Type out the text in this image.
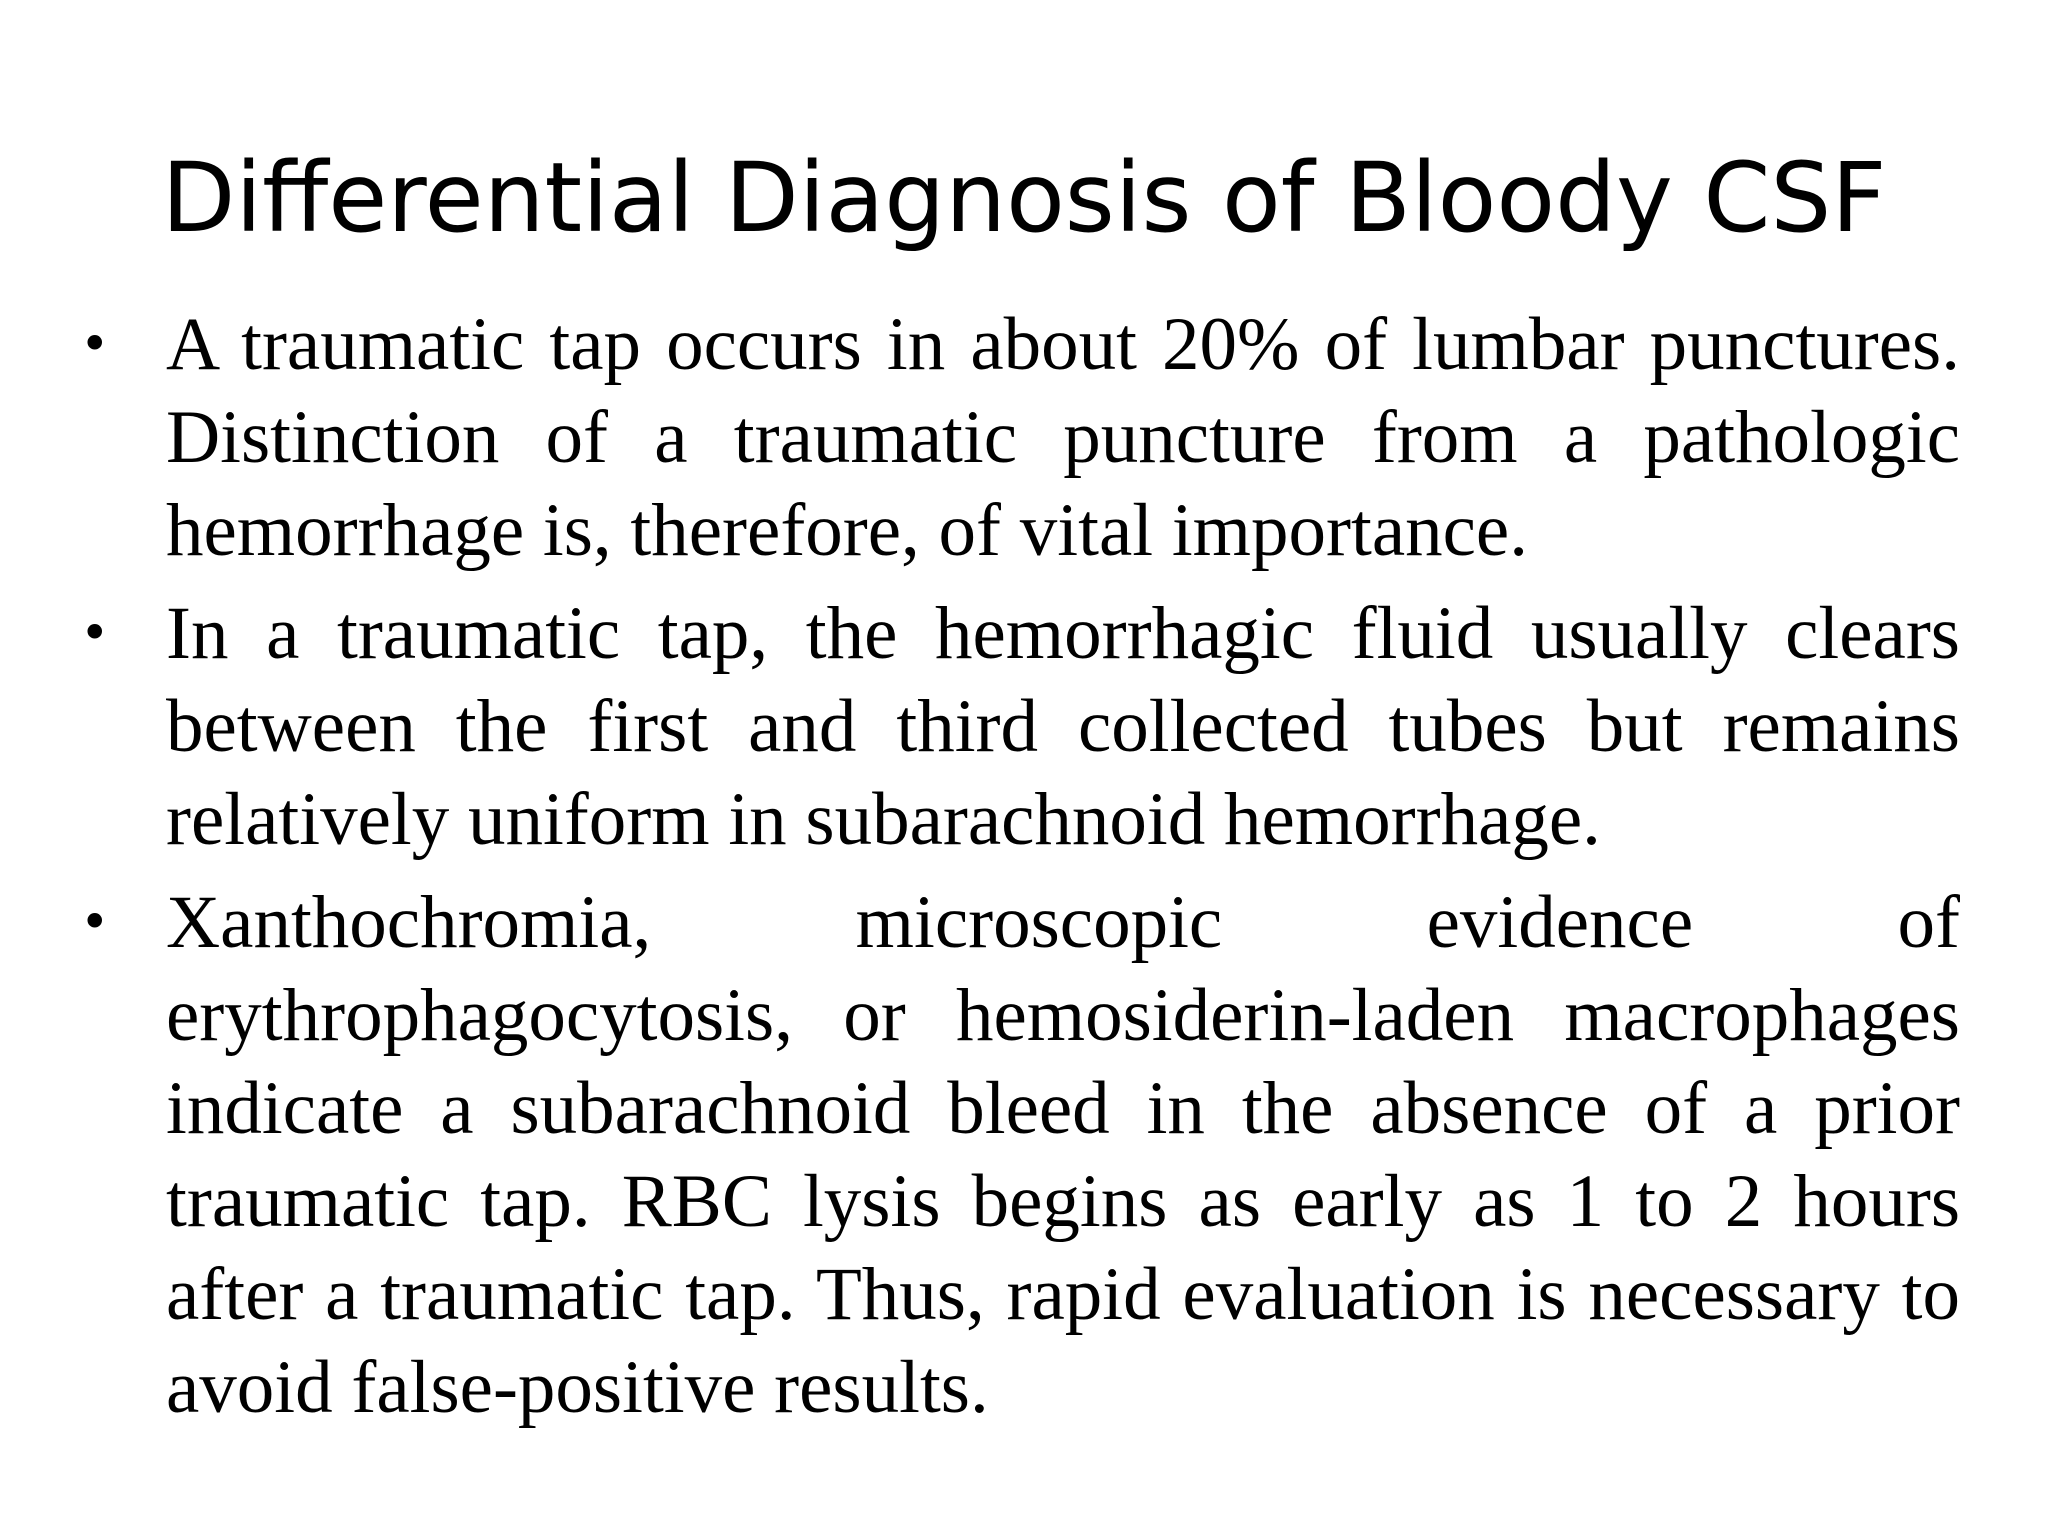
Differential Diagnosis of Bloody CSF
• A traumatic tap occurs in about 20% of lumbar punctures. Distinction of a traumatic puncture from a pathologic hemorrhage is, therefore, of vital importance.
• In a traumatic tap, the hemorrhagic fluid usually clears between the first and third collected tubes but remains relatively uniform in subarachnoid hemorrhage.
• Xanthochromia, microscopic evidence of erythrophagocytosis, or hemosiderin-laden macrophages indicate a subarachnoid bleed in the absence of a prior traumatic tap. RBC lysis begins as early as 1 to 2 hours after a traumatic tap. Thus, rapid evaluation is necessary to avoid false-positive results.
